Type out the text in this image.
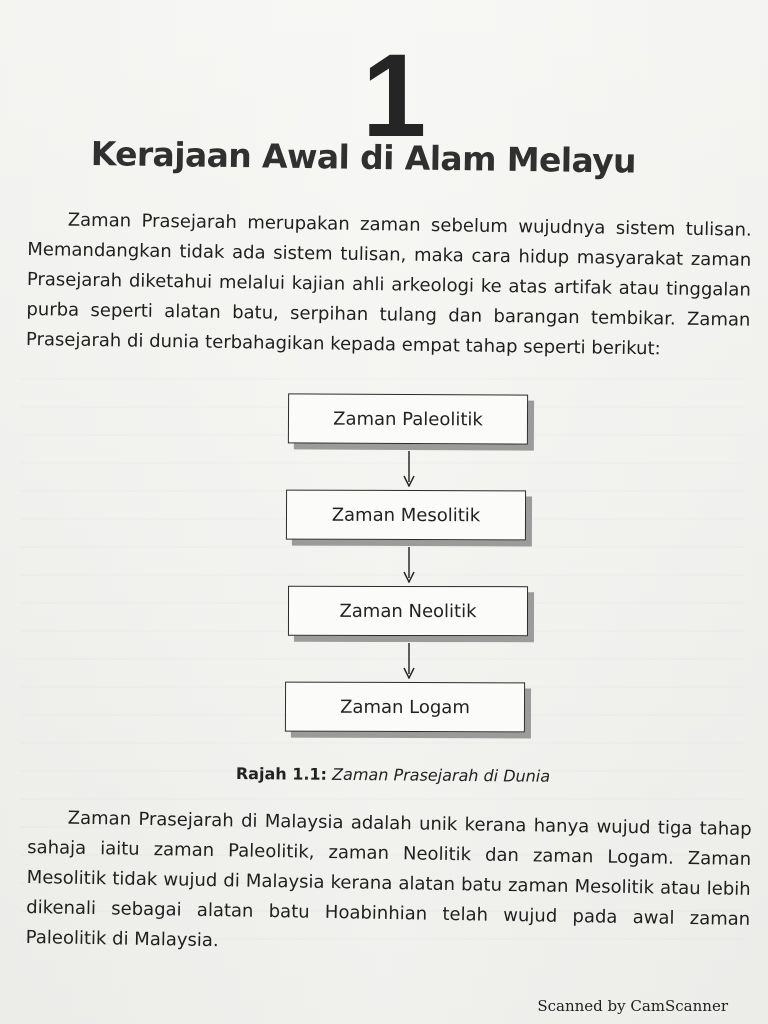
1
Kerajaan Awal di Alam Melayu
Zaman Prasejarah merupakan zaman sebelum wujudnya sistem tulisan. Memandangkan tidak ada sistem tulisan, maka cara hidup masyarakat zaman Prasejarah diketahui melalui kajian ahli arkeologi ke atas artifak atau tinggalan purba seperti alatan batu, serpihan tulang dan barangan tembikar. Zaman Prasejarah di dunia terbahagikan kepada empat tahap seperti berikut:
Zaman Paleolitik
Zaman Mesolitik
Zaman Neolitik
Zaman Logam
Rajah 1.1: Zaman Prasejarah di Dunia
Zaman Prasejarah di Malaysia adalah unik kerana hanya wujud tiga tahap sahaja iaitu zaman Paleolitik, zaman Neolitik dan zaman Logam. Zaman Mesolitik tidak wujud di Malaysia kerana alatan batu zaman Mesolitik atau lebih dikenali sebagai alatan batu Hoabinhian telah wujud pada awal zaman Paleolitik di Malaysia.
Scanned by CamScanner
